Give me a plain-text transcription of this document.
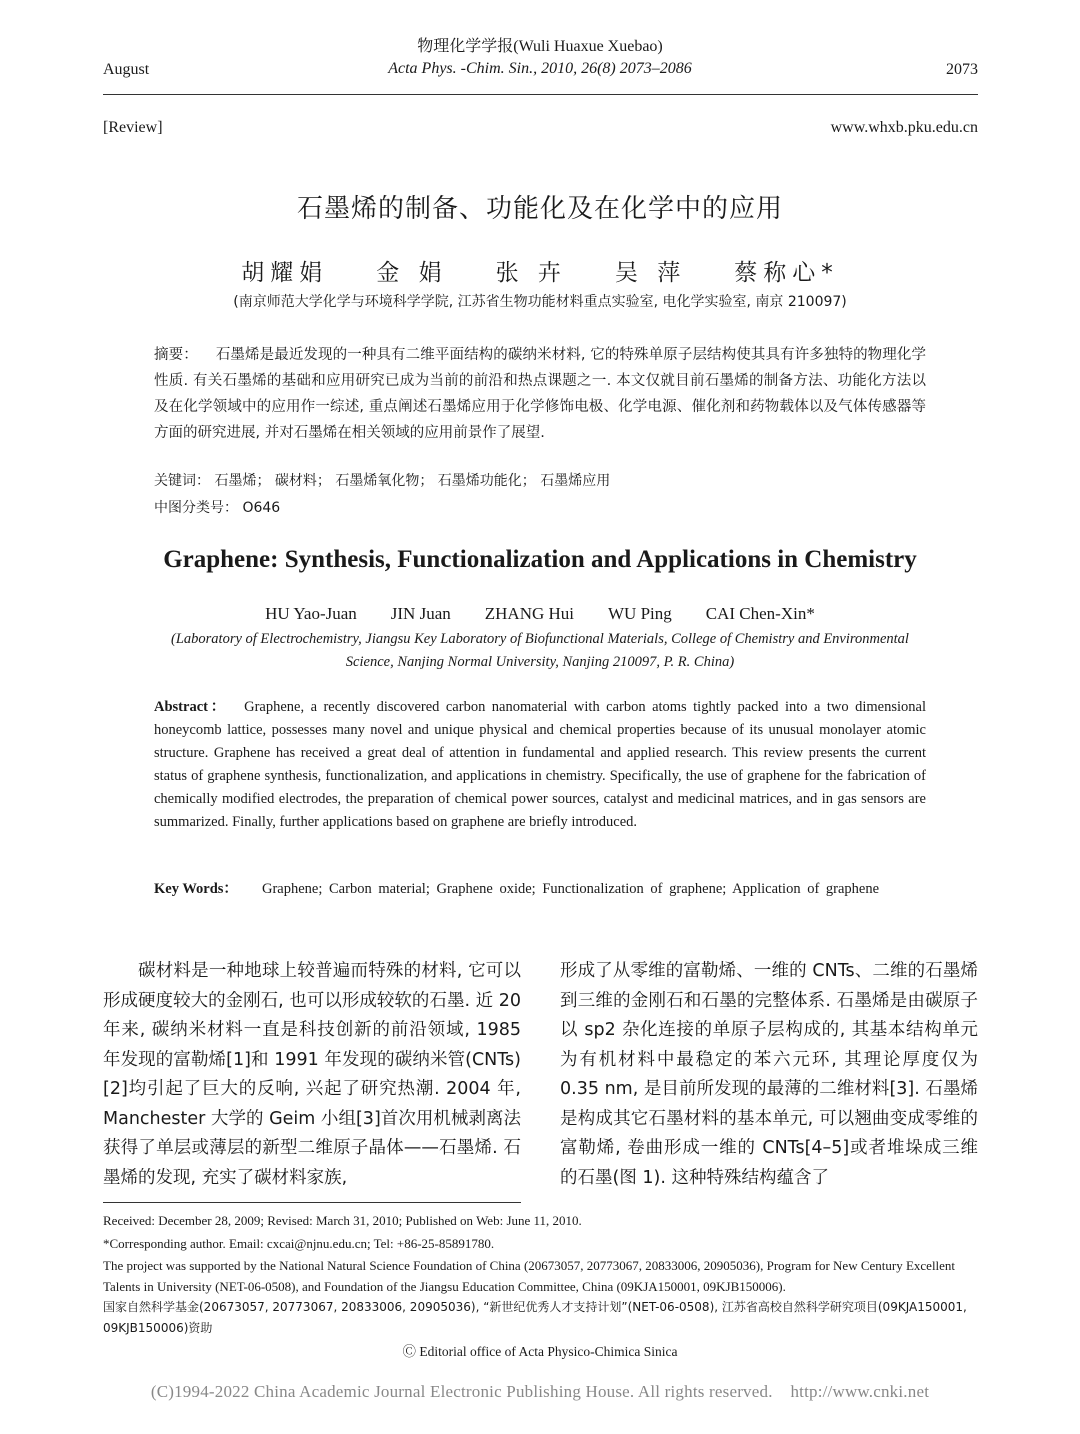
August
物理化学学报(Wuli Huaxue Xuebao)
Acta Phys. -Chim. Sin., 2010, 26(8) 2073–2086	2073
[Review]	www.whxb.pku.edu.cn
石墨烯的制备、功能化及在化学中的应用
胡耀娟 金 娟 张 卉 吴 萍 蔡称心*
(南京师范大学化学与环境科学学院, 江苏省生物功能材料重点实验室, 电化学实验室, 南京 210097)
摘要： 石墨烯是最近发现的一种具有二维平面结构的碳纳米材料, 它的特殊单原子层结构使其具有许多独特的物理化学性质. 有关石墨烯的基础和应用研究已成为当前的前沿和热点课题之一. 本文仅就目前石墨烯的制备方法、功能化方法以及在化学领域中的应用作一综述, 重点阐述石墨烯应用于化学修饰电极、化学电源、催化剂和药物载体以及气体传感器等方面的研究进展, 并对石墨烯在相关领域的应用前景作了展望.
关键词： 石墨烯； 碳材料； 石墨烯氧化物； 石墨烯功能化； 石墨烯应用
中图分类号： O646
Graphene: Synthesis, Functionalization and Applications in Chemistry
HU Yao-Juan JIN Juan ZHANG Hui WU Ping CAI Chen-Xin*
(Laboratory of Electrochemistry, Jiangsu Key Laboratory of Biofunctional Materials, College of Chemistry and Environmental Science, Nanjing Normal University, Nanjing 210097, P. R. China)
Abstract： Graphene, a recently discovered carbon nanomaterial with carbon atoms tightly packed into a two dimensional honeycomb lattice, possesses many novel and unique physical and chemical properties because of its unusual monolayer atomic structure. Graphene has received a great deal of attention in fundamental and applied research. This review presents the current status of graphene synthesis, functionalization, and applications in chemistry. Specifically, the use of graphene for the fabrication of chemically modified electrodes, the preparation of chemical power sources, catalyst and medicinal matrices, and in gas sensors are summarized. Finally, further applications based on graphene are briefly introduced.
Key Words：	Graphene; Carbon material; Graphene oxide; Functionalization of graphene; Application of graphene
碳材料是一种地球上较普遍而特殊的材料, 它可以形成硬度较大的金刚石, 也可以形成较软的石墨. 近 20 年来, 碳纳米材料一直是科技创新的前沿领域, 1985 年发现的富勒烯[1]和 1991 年发现的碳纳米管(CNTs)[2]均引起了巨大的反响, 兴起了研究热潮. 2004 年, Manchester 大学的 Geim 小组[3]首次用机械剥离法获得了单层或薄层的新型二维原子晶体——石墨烯. 石墨烯的发现, 充实了碳材料家族,
形成了从零维的富勒烯、一维的 CNTs、二维的石墨烯到三维的金刚石和石墨的完整体系. 石墨烯是由碳原子以 sp2 杂化连接的单原子层构成的, 其基本结构单元为有机材料中最稳定的苯六元环, 其理论厚度仅为 0.35 nm, 是目前所发现的最薄的二维材料[3]. 石墨烯是构成其它石墨材料的基本单元, 可以翘曲变成零维的富勒烯, 卷曲形成一维的 CNTs[4–5]或者堆垛成三维的石墨(图 1). 这种特殊结构蕴含了
Received: December 28, 2009; Revised: March 31, 2010; Published on Web: June 11, 2010.
*Corresponding author. Email: cxcai@njnu.edu.cn; Tel: +86-25-85891780.
The project was supported by the National Natural Science Foundation of China (20673057, 20773067, 20833006, 20905036), Program for New Century Excellent Talents in University (NET-06-0508), and Foundation of the Jiangsu Education Committee, China (09KJA150001, 09KJB150006).
国家自然科学基金(20673057, 20773067, 20833006, 20905036), “新世纪优秀人才支持计划”(NET-06-0508), 江苏省高校自然科学研究项目(09KJA150001, 09KJB150006)资助
Ⓒ Editorial office of Acta Physico-Chimica Sinica
(C)1994-2022 China Academic Journal Electronic Publishing House. All rights reserved.    http://www.cnki.net
